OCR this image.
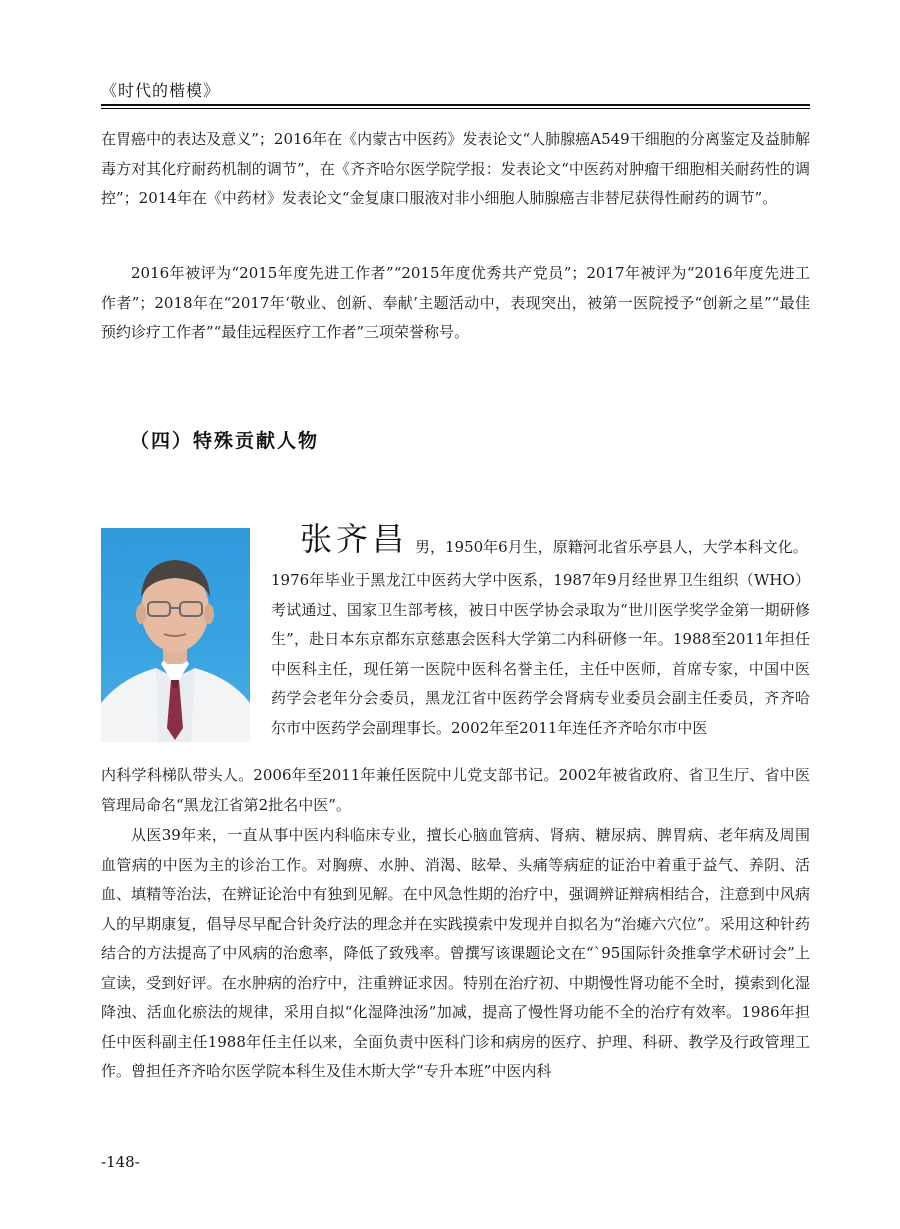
《时代的楷模》

在胃癌中的表达及意义”；2016年在《内蒙古中医药》发表论文“人肺腺癌A549干细胞的分离鉴定及益肺解毒方对其化疗耐药机制的调节”，在《齐齐哈尔医学院学报：发表论文“中医药对肿瘤干细胞相关耐药性的调控”；2014年在《中药材》发表论文“金复康口服液对非小细胞人肺腺癌吉非替尼获得性耐药的调节”。

2016年被评为“2015年度先进工作者”“2015年度优秀共产党员”；2017年被评为“2016年度先进工作者”；2018年在“2017年‘敬业、创新、奉献’主题活动中，表现突出，被第一医院授予“创新之星”“最佳预约诊疗工作者”“最佳远程医疗工作者”三项荣誉称号。

（四）特殊贡献人物
张齐昌 男，1950年6月生，原籍河北省乐亭县人，大学本科文化。

1976年毕业于黑龙江中医药大学中医系，1987年9月经世界卫生组织（WHO）考试通过、国家卫生部考核，被日中医学协会录取为“世川医学奖学金第一期研修生”，赴日本东京都东京慈惠会医科大学第二内科研修一年。1988至2011年担任中医科主任，现任第一医院中医科名誉主任，主任中医师，首席专家，中国中医药学会老年分会委员，黑龙江省中医药学会肾病专业委员会副主任委员，齐齐哈尔市中医药学会副理事长。2002年至2011年连任齐齐哈尔市中医

内科学科梯队带头人。2006年至2011年兼任医院中儿党支部书记。2002年被省政府、省卫生厅、省中医管理局命名“黑龙江省第2批名中医”。

从医39年来，一直从事中医内科临床专业，擅长心脑血管病、肾病、糖尿病、脾胃病、老年病及周围血管病的中医为主的诊治工作。对胸痹、水肿、消渴、眩晕、头痛等病症的证治中着重于益气、养阴、活血、填精等治法，在辨证论治中有独到见解。在中风急性期的治疗中，强调辨证辩病相结合，注意到中风病人的早期康复，倡导尽早配合针灸疗法的理念并在实践摸索中发现并自拟名为“治瘫六穴位”。采用这种针药结合的方法提高了中风病的治愈率，降低了致残率。曾撰写该课题论文在“`95国际针灸推拿学术研讨会”上宣读，受到好评。在水肿病的治疗中，注重辨证求因。特别在治疗初、中期慢性肾功能不全时，摸索到化湿降浊、活血化瘀法的规律，采用自拟“化湿降浊汤”加减，提高了慢性肾功能不全的治疗有效率。1986年担任中医科副主任1988年任主任以来，全面负责中医科门诊和病房的医疗、护理、科研、教学及行政管理工作。曾担任齐齐哈尔医学院本科生及佳木斯大学“专升本班”中医内科

-148-
